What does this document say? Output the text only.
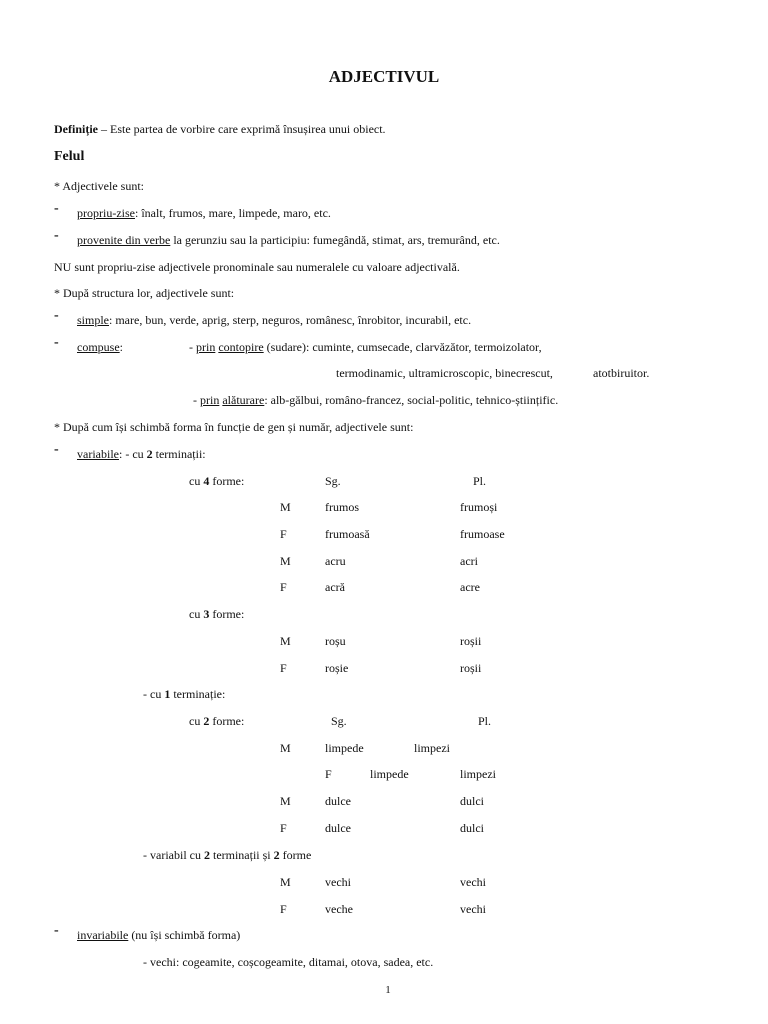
ADJECTIVUL
Definiție – Este partea de vorbire care exprimă însușirea unui obiect.
Felul
* Adjectivele sunt:
- propriu-zise: înalt, frumos, mare, limpede, maro, etc.
- provenite din verbe la gerunziu sau la participiu: fumegândă, stimat, ars, tremurând, etc.
NU sunt propriu-zise adjectivele pronominale sau numeralele cu valoare adjectivală.
* După structura lor, adjectivele sunt:
- simple: mare, bun, verde, aprig, sterp, neguros, românesc, înrobitor, incurabil, etc.
- compuse:	- prin contopire (sudare): cuminte, cumsecade, clarvăzător, termoizolator,
termodinamic, ultramicroscopic, binecrescut,	atotbiruitor.
- prin alăturare: alb-gălbui, româno-francez, social-politic, tehnico-științific.
* După cum își schimbă forma în funcție de gen și număr, adjectivele sunt:
- variabile: - cu 2 terminații:
cu 4 forme:	Sg.	Pl.
M	frumos	frumoși
F	frumoasă	frumoase
M	acru	acri
F	acră	acre
cu 3 forme:
M	roșu	roșii
F	roșie	roșii
- cu 1 terminație:
cu 2 forme:	Sg.	Pl.
M	limpede	limpezi
F	limpede	limpezi
M	dulce	dulci
F	dulce	dulci
- variabil cu 2 terminații și 2 forme
M	vechi	vechi
F	veche	vechi
- invariabile (nu își schimbă forma)
- vechi: cogeamite, coșcogeamite, ditamai, otova, sadea, etc.
1
